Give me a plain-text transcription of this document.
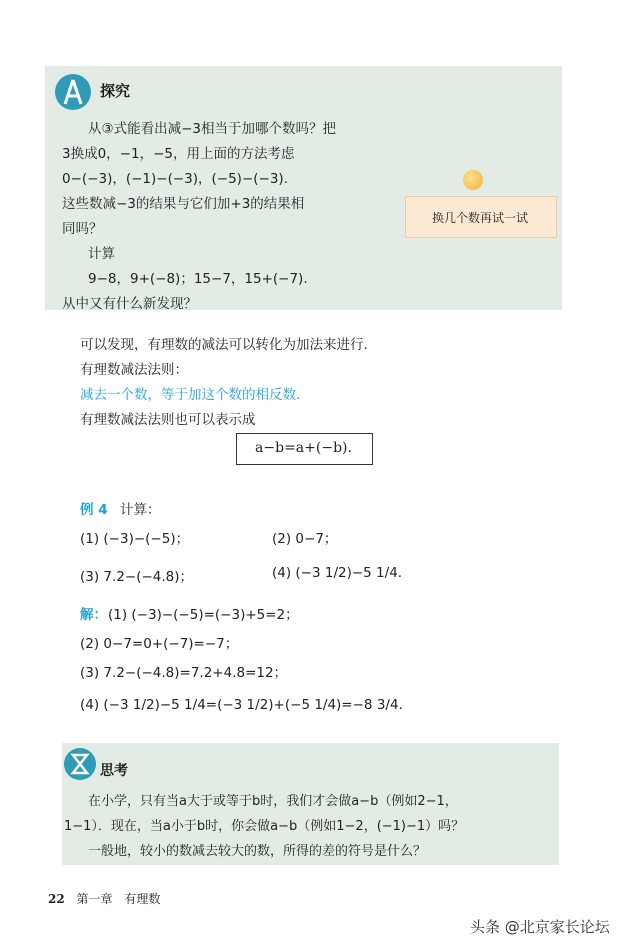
探究
从③式能看出减−3相当于加哪个数吗？把
3换成0，−1，−5，用上面的方法考虑
0−(−3)，(−1)−(−3)，(−5)−(−3).
这些数减−3的结果与它们加+3的结果相
同吗？
计算
9−8，9+(−8)；15−7，15+(−7).
从中又有什么新发现？
换几个数再试一试
可以发现，有理数的减法可以转化为加法来进行.
有理数减法法则：
减去一个数，等于加这个数的相反数.
有理数减法法则也可以表示成
a−b=a+(−b).
例 4 计算：
(1) (−3)−(−5)；	(2) 0−7；
(3) 7.2−(−4.8)；	(4) (−3 1/2)−5 1/4.
解： (1) (−3)−(−5)=(−3)+5=2；
(2) 0−7=0+(−7)=−7；
(3) 7.2−(−4.8)=7.2+4.8=12；
(4) (−3 1/2)−5 1/4=(−3 1/2)+(−5 1/4)=−8 3/4.
思考
在小学，只有当a大于或等于b时，我们才会做a−b（例如2−1，
1−1）．现在，当a小于b时，你会做a−b（例如1−2，(−1)−1）吗？
一般地，较小的数减去较大的数，所得的差的符号是什么？
22 第一章 有理数
头条 @北京家长论坛
